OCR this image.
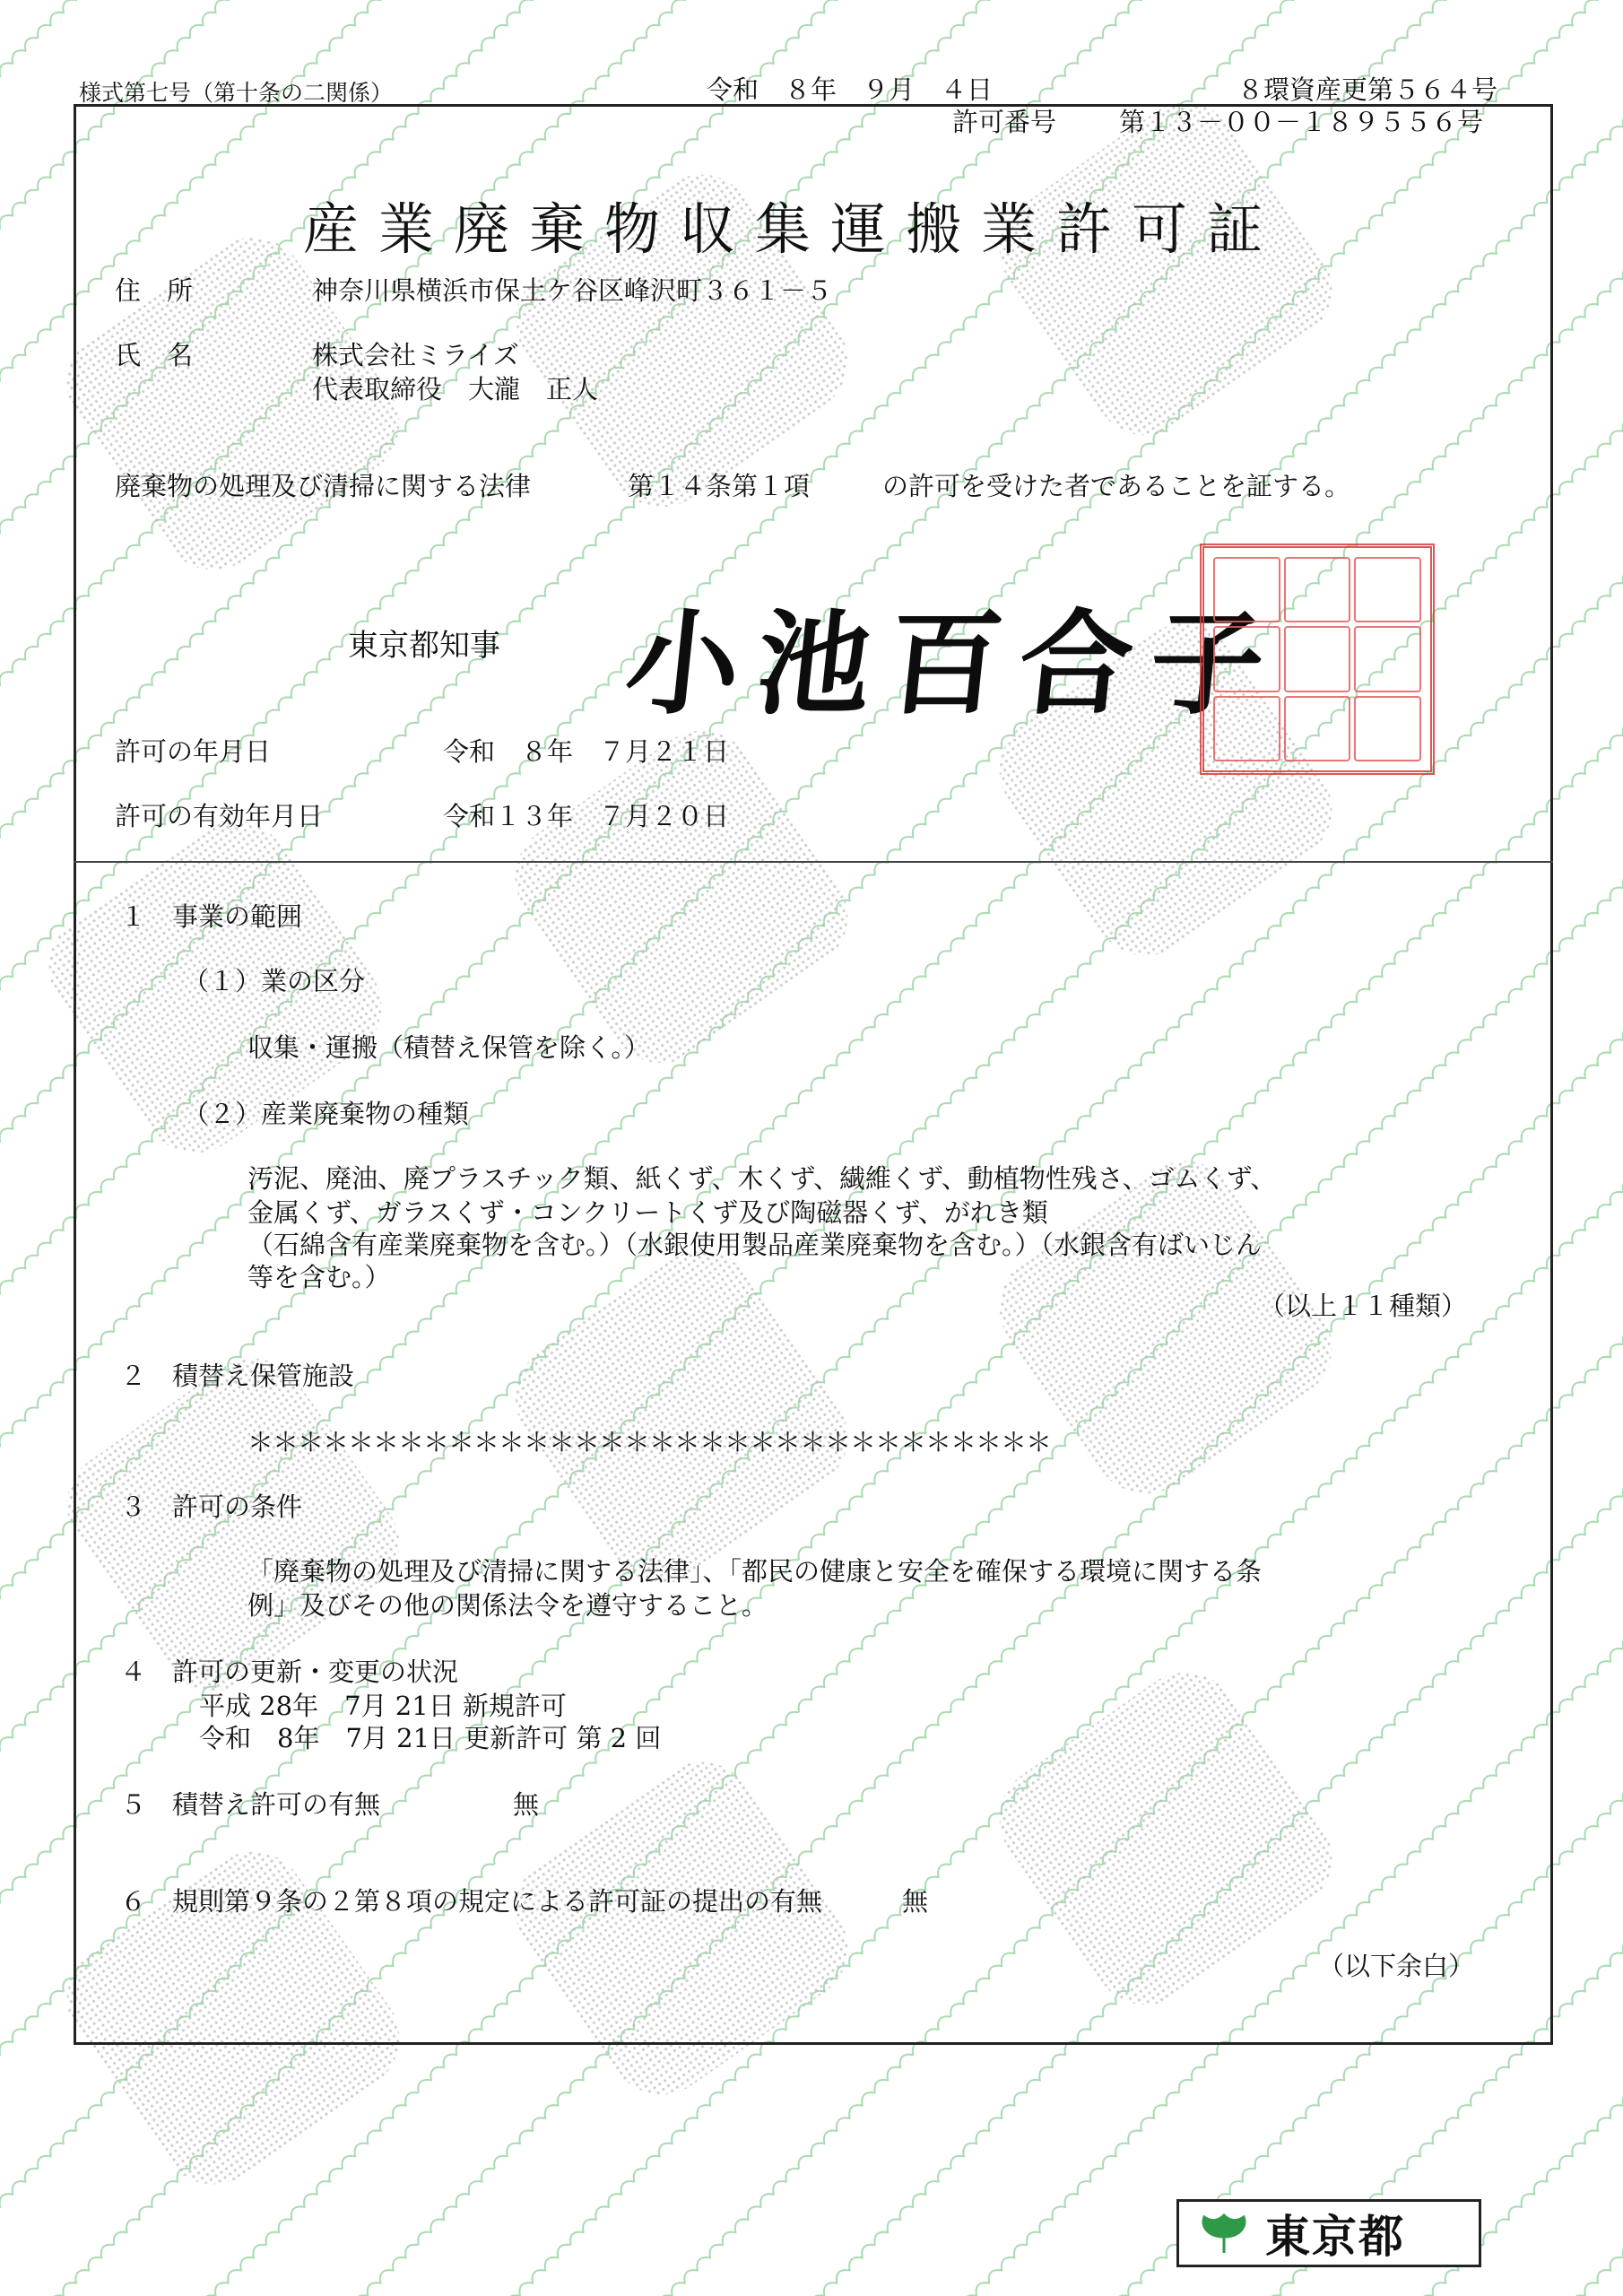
様式第七号（第十条の二関係）	令和　８年　９月　４日	８環資産更第５６４号
許可番号 第１３－００－１８９５５６号
産業廃棄物収集運搬業許可証
住　所	神奈川県横浜市保土ケ谷区峰沢町３６１－５
氏　名	株式会社ミライズ
代表取締役　大瀧　正人
廃棄物の処理及び清掃に関する法律	第１４条第１項	の許可を受けた者であることを証する。
東京都知事 小池百合子
許可の年月日	令和　８年　７月２１日
許可の有効年月日	令和１３年　７月２０日
１　事業の範囲
（１）業の区分
収集・運搬（積替え保管を除く。）
（２）産業廃棄物の種類
汚泥、廃油、廃プラスチック類、紙くず、木くず、繊維くず、動植物性残さ、ゴムくず、
金属くず、ガラスくず・コンクリートくず及び陶磁器くず、がれき類
（石綿含有産業廃棄物を含む。）（水銀使用製品産業廃棄物を含む。）（水銀含有ばいじん
等を含む。）
（以上１１種類）
２　積替え保管施設
＊＊＊＊＊＊＊＊＊＊＊＊＊＊＊＊＊＊＊＊＊＊＊＊＊＊＊＊＊＊＊＊
３　許可の条件
「廃棄物の処理及び清掃に関する法律」、「都民の健康と安全を確保する環境に関する条
例」及びその他の関係法令を遵守すること。
４　許可の更新・変更の状況
平成 28年　7月 21日 新規許可
令和　8年　7月 21日 更新許可 第 2 回
５　積替え許可の有無	無
６　規則第９条の２第８項の規定による許可証の提出の有無	無
（以下余白）
東京都
